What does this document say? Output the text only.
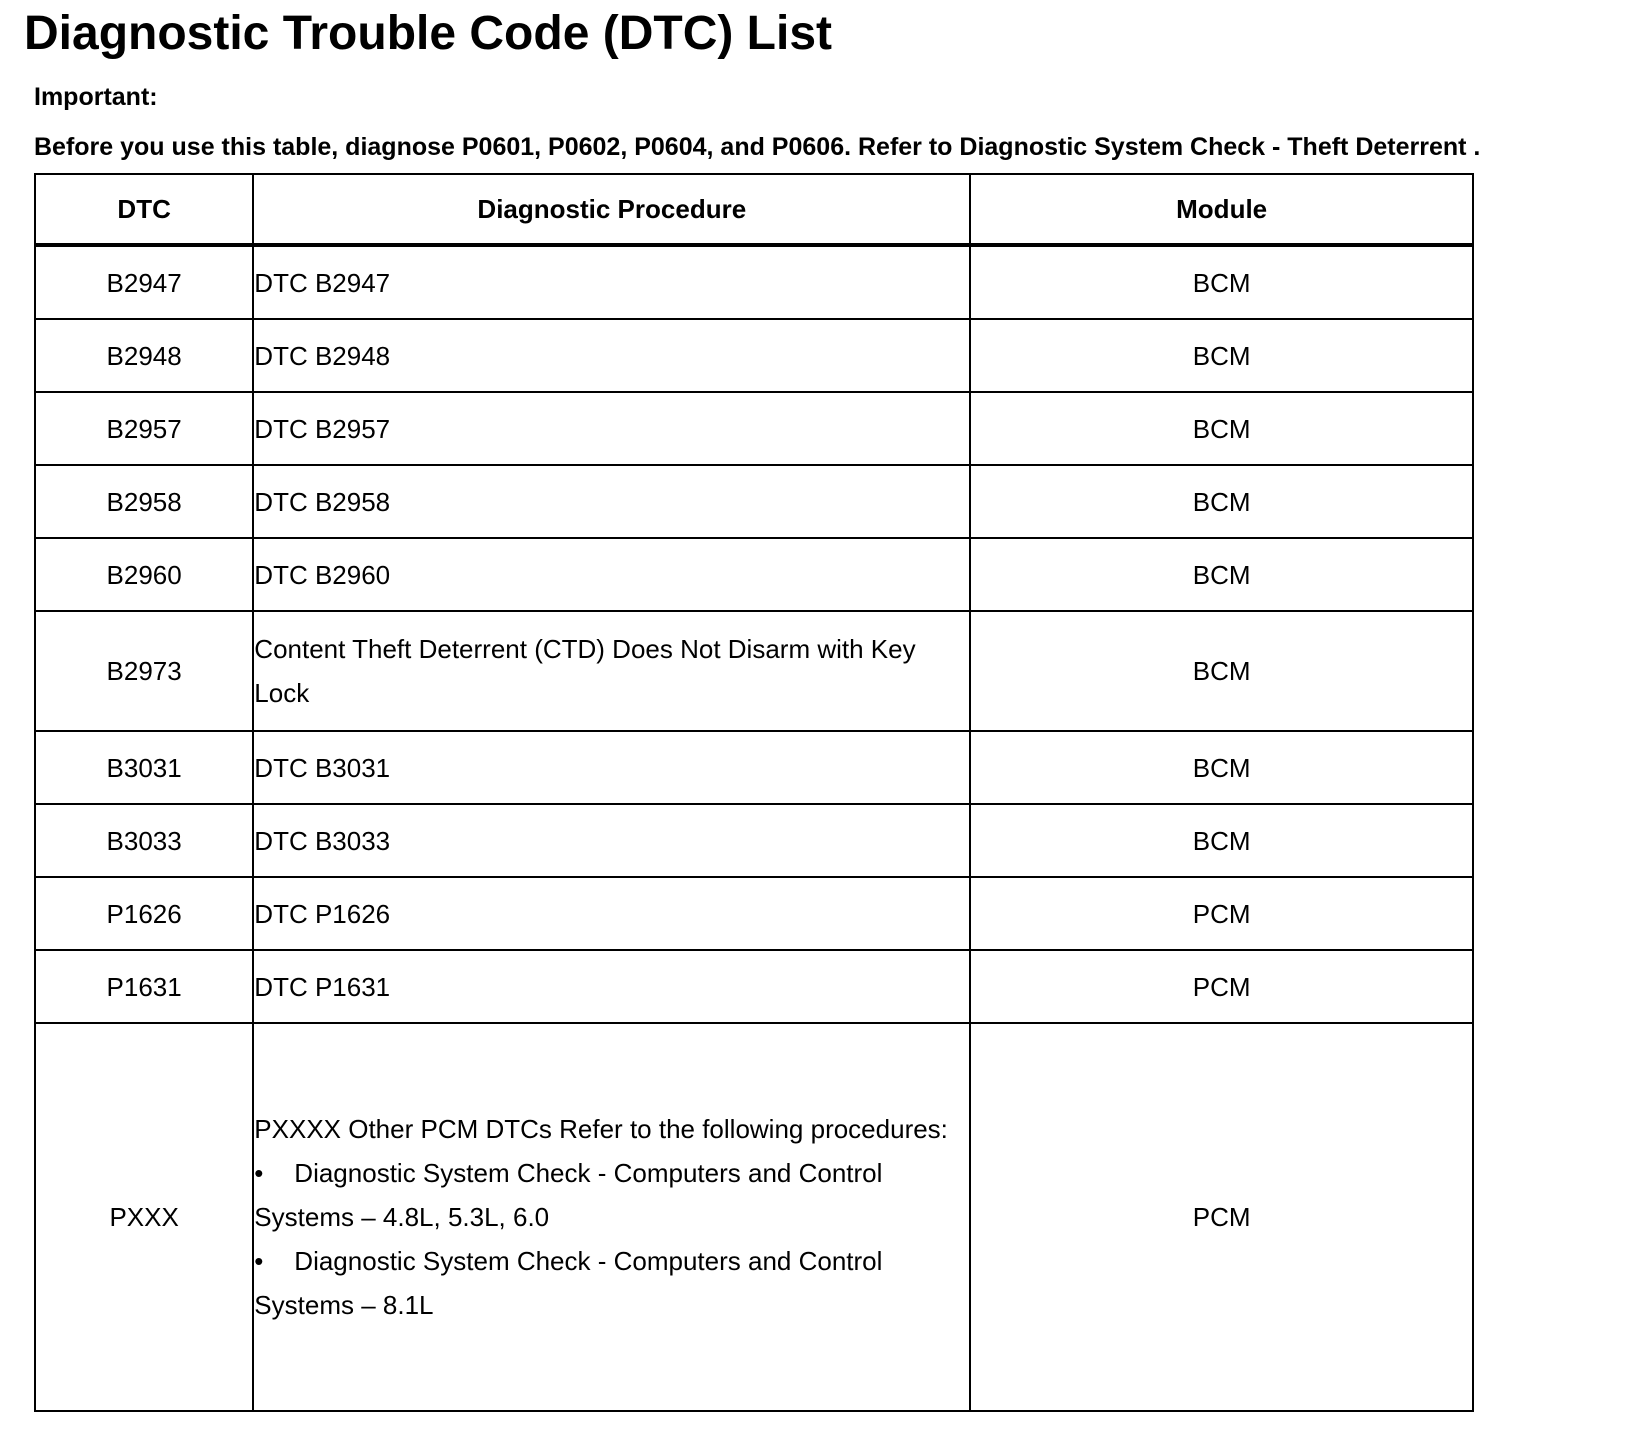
Diagnostic Trouble Code (DTC) List
Important:
Before you use this table, diagnose P0601, P0602, P0604, and P0606. Refer to Diagnostic System Check - Theft Deterrent .
DTC	Diagnostic Procedure	Module
B2947	DTC B2947	BCM
B2948	DTC B2948	BCM
B2957	DTC B2957	BCM
B2958	DTC B2958	BCM
B2960	DTC B2960	BCM
B2973	Content Theft Deterrent (CTD) Does Not Disarm with Key Lock	BCM
B3031	DTC B3031	BCM
B3033	DTC B3033	BCM
P1626	DTC P1626	PCM
P1631	DTC P1631	PCM
PXXX	PXXXX Other PCM DTCs Refer to the following procedures:
• Diagnostic System Check - Computers and Control Systems – 4.8L, 5.3L, 6.0
• Diagnostic System Check - Computers and Control Systems – 8.1L	PCM
